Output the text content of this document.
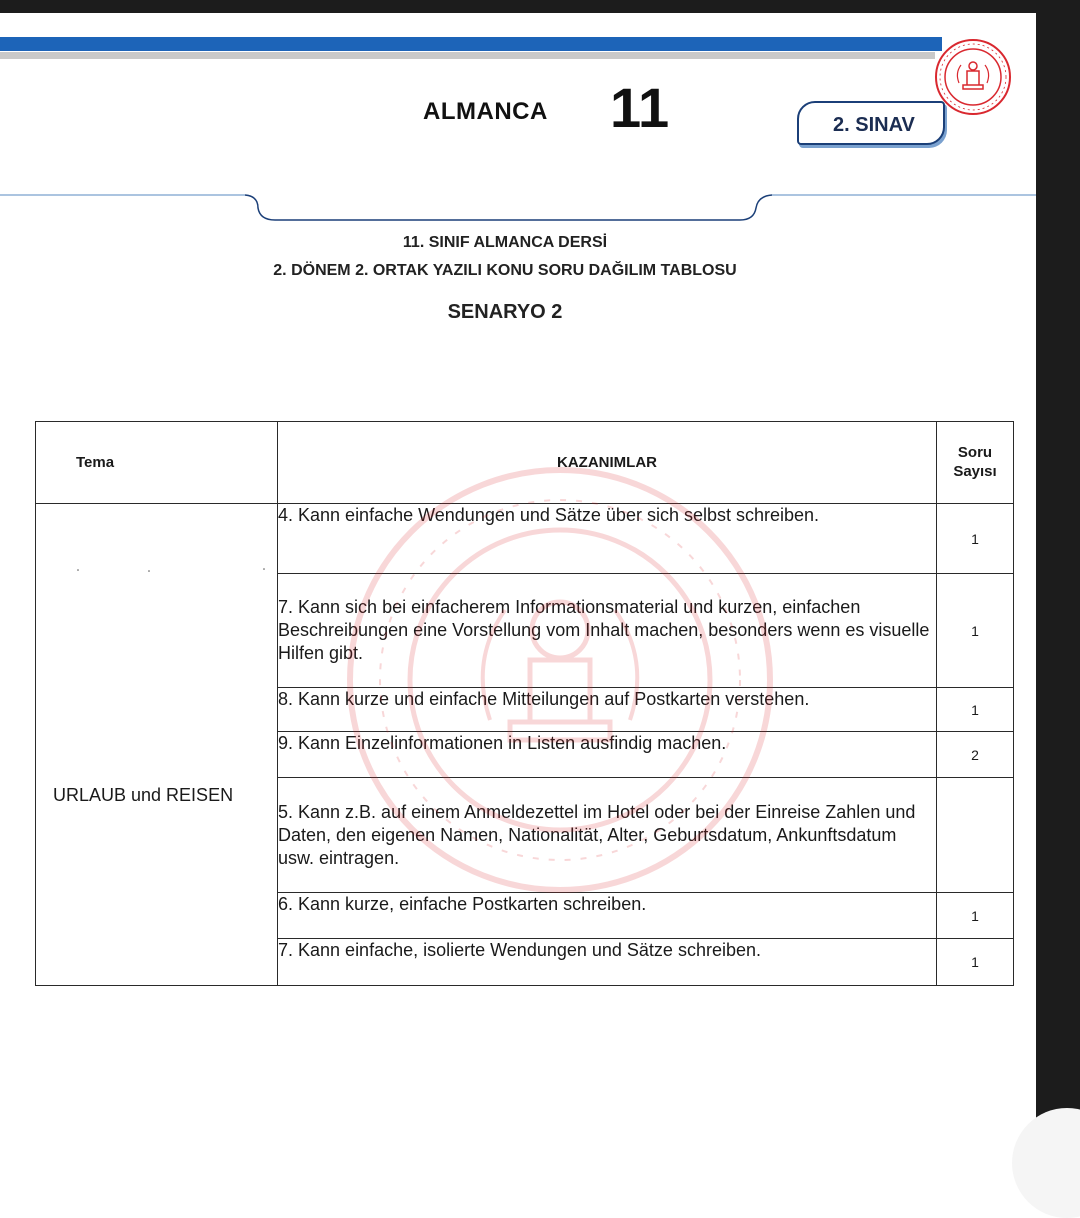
ALMANCA 11	2. SINAV
11. SINIF ALMANCA DERSİ
2. DÖNEM 2. ORTAK YAZILI KONU SORU DAĞILIM TABLOSU
SENARYO 2
Tema	KAZANIMLAR	Soru
Sayısı

URLAUB und REISEN	4. Kann einfache Wendungen und Sätze über sich selbst schreiben.	1
	7. Kann sich bei einfacherem Informationsmaterial und kurzen, einfachen Beschreibungen eine Vorstellung vom Inhalt machen, besonders wenn es visuelle Hilfen gibt.	1
	8. Kann kurze und einfache Mitteilungen auf Postkarten verstehen.	1
	9. Kann Einzelinformationen in Listen ausfindig machen.	2
	5. Kann z.B. auf einem Anmeldezettel im Hotel oder bei der Einreise Zahlen und Daten, den eigenen Namen, Nationalität, Alter, Geburtsdatum, Ankunftsdatum usw. eintragen.	
	6. Kann kurze, einfache Postkarten schreiben.	1
	7. Kann einfache, isolierte Wendungen und Sätze schreiben.	1
